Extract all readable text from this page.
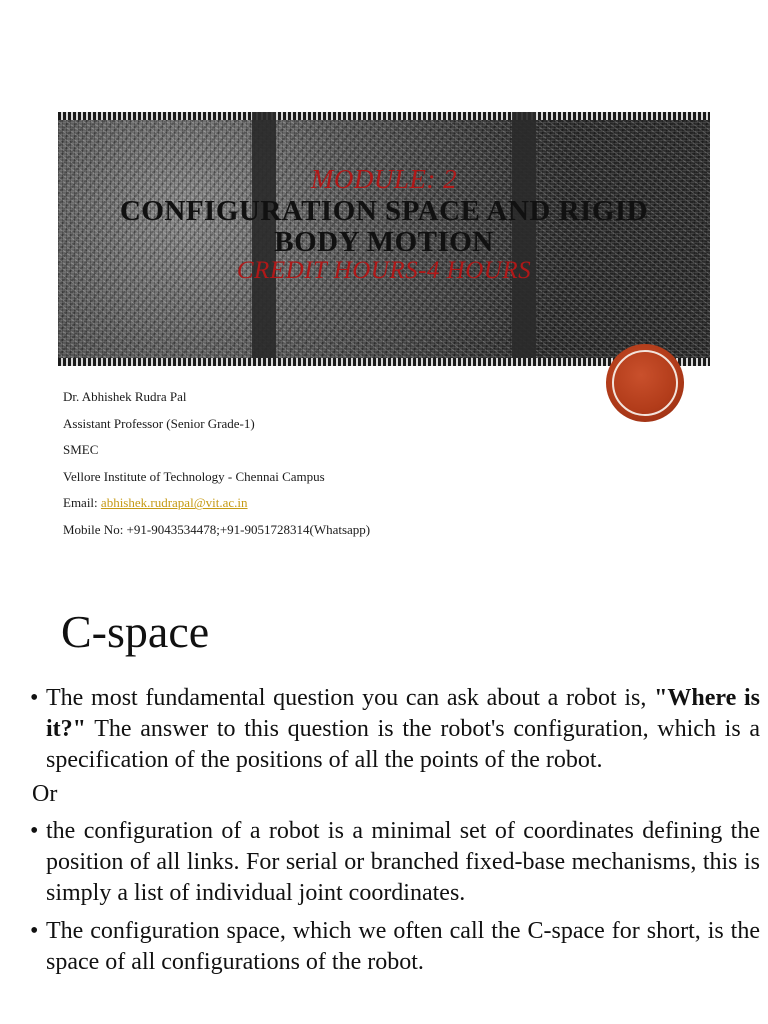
MODULE: 2
CONFIGURATION SPACE AND RIGID
BODY MOTION
CREDIT HOURS-4 HOURS
Dr. Abhishek Rudra Pal
Assistant Professor (Senior Grade-1)
SMEC
Vellore Institute of Technology - Chennai Campus
Email: abhishek.rudrapal@vit.ac.in
Mobile No: +91-9043534478;+91-9051728314(Whatsapp)
C-space
• The most fundamental question you can ask about a robot is, "Where is it?" The answer to this question is the robot's configuration, which is a specification of the positions of all the points of the robot.
Or
• the configuration of a robot is a minimal set of coordinates defining the position of all links. For serial or branched fixed-base mechanisms, this is simply a list of individual joint coordinates.
• The configuration space, which we often call the C-space for short, is the space of all configurations of the robot.
